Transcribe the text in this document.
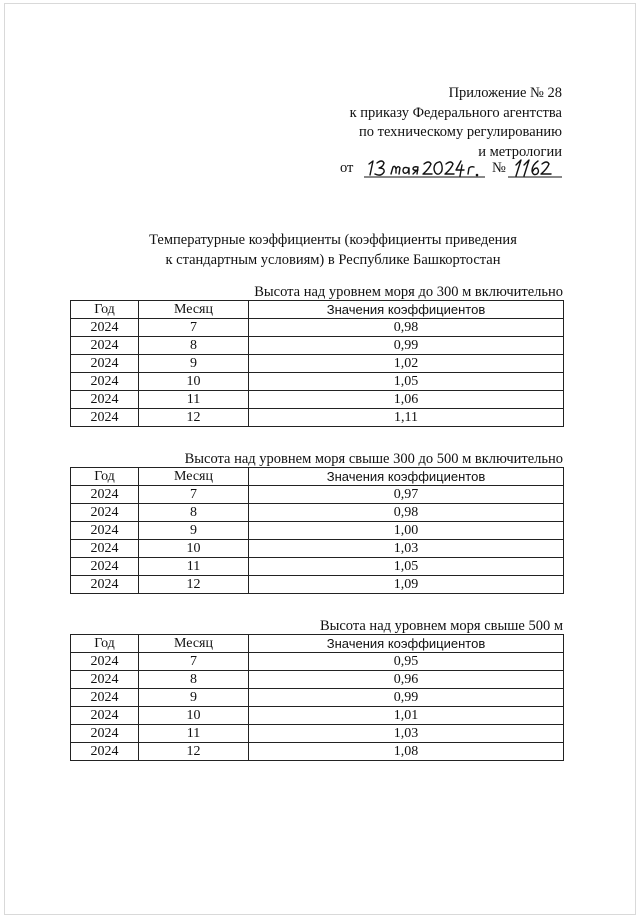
Приложение № 28
к приказу Федерального агентства
по техническому регулированию
и метрологии
от	№
Температурные коэффициенты (коэффициенты приведения
к стандартным условиям) в Республике Башкортостан
Высота над уровнем моря до 300 м включительно
Год	Месяц	Значения коэффициентов
2024	7	0,98
2024	8	0,99
2024	9	1,02
2024	10	1,05
2024	11	1,06
2024	12	1,11
Высота над уровнем моря свыше 300 до 500 м включительно
Год	Месяц	Значения коэффициентов
2024	7	0,97
2024	8	0,98
2024	9	1,00
2024	10	1,03
2024	11	1,05
2024	12	1,09
Высота над уровнем моря свыше 500 м
Год	Месяц	Значения коэффициентов
2024	7	0,95
2024	8	0,96
2024	9	0,99
2024	10	1,01
2024	11	1,03
2024	12	1,08
